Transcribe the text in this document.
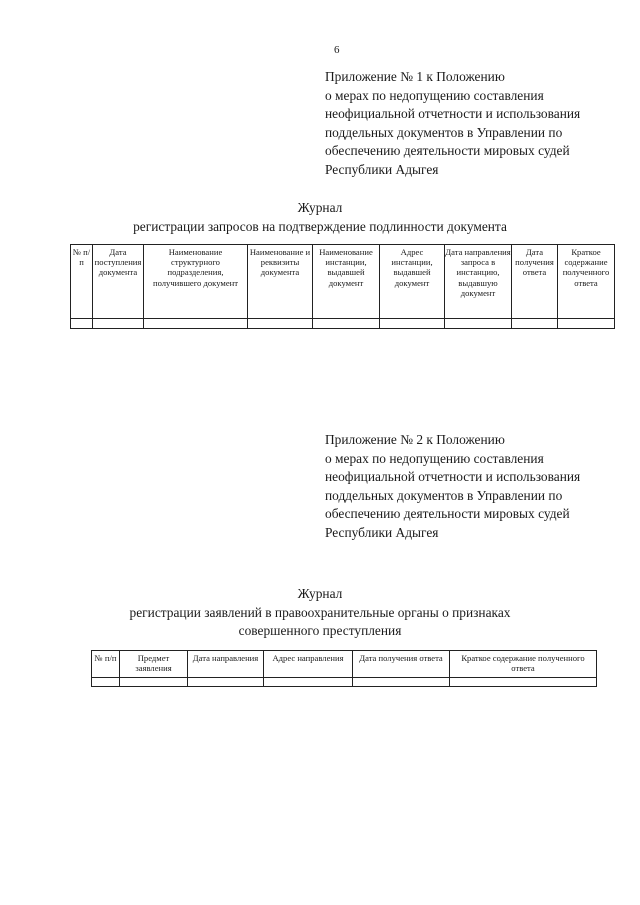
6
Приложение № 1 к Положению
о мерах по недопущению составления
неофициальной отчетности и использования
поддельных документов в Управлении по
обеспечению деятельности мировых судей
Республики Адыгея
Журнал
регистрации запросов на подтверждение подлинности документа
№ п/п	Дата поступления документа	Наименование структурного подразделения, получившего документ	Наименование и реквизиты документа	Наименование инстанции, выдавшей документ	Адрес инстанции, выдавшей документ	Дата направления запроса в инстанцию, выдавшую документ	Дата получения ответа	Краткое содержание полученного ответа

Приложение № 2 к Положению
о мерах по недопущению составления
неофициальной отчетности и использования
поддельных документов в Управлении по
обеспечению деятельности мировых судей
Республики Адыгея
Журнал
регистрации заявлений в правоохранительные органы о признаках
совершенного преступления
№ п/п	Предмет заявления	Дата направления	Адрес направления	Дата получения ответа	Краткое содержание полученного ответа
